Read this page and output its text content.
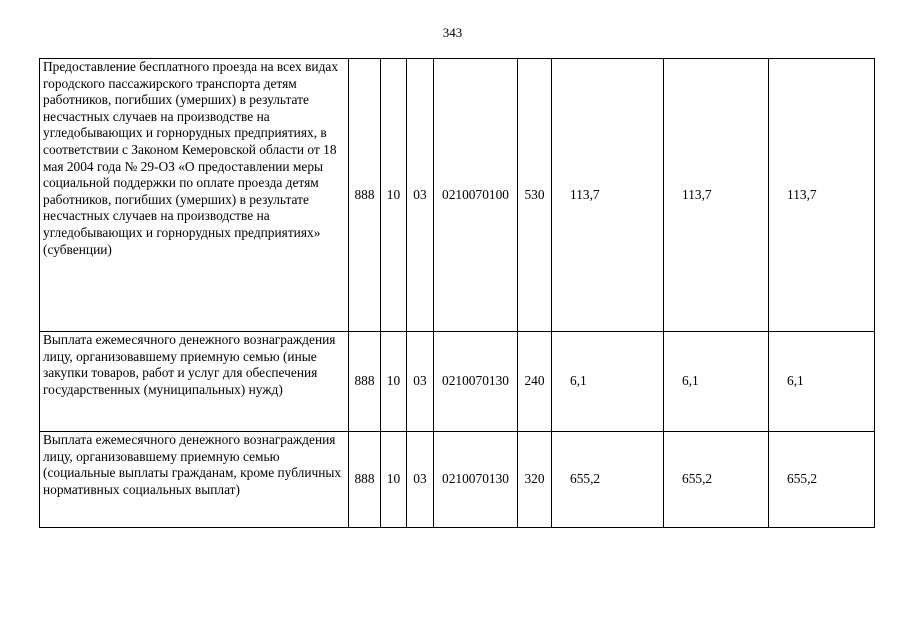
343
Предоставление бесплатного проезда на всех видах городского пассажирского транспорта детям работников, погибших (умерших) в результате несчастных случаев на производстве на угледобывающих и горнорудных предприятиях, в соответствии с Законом Кемеровской области от 18 мая 2004 года № 29-ОЗ «О предоставлении меры социальной поддержки по оплате проезда детям работников, погибших (умерших) в результате несчастных случаев на производстве на угледобывающих и горнорудных предприятиях» (субвенции)	888	10	03	0210070100	530	113,7	113,7	113,7
Выплата ежемесячного денежного вознаграждения лицу, организовавшему приемную семью (иные закупки товаров, работ и услуг для обеспечения государственных (муниципальных) нужд)	888	10	03	0210070130	240	6,1	6,1	6,1
Выплата ежемесячного денежного вознаграждения лицу, организовавшему приемную семью (социальные выплаты гражданам, кроме публичных нормативных социальных выплат)	888	10	03	0210070130	320	655,2	655,2	655,2
